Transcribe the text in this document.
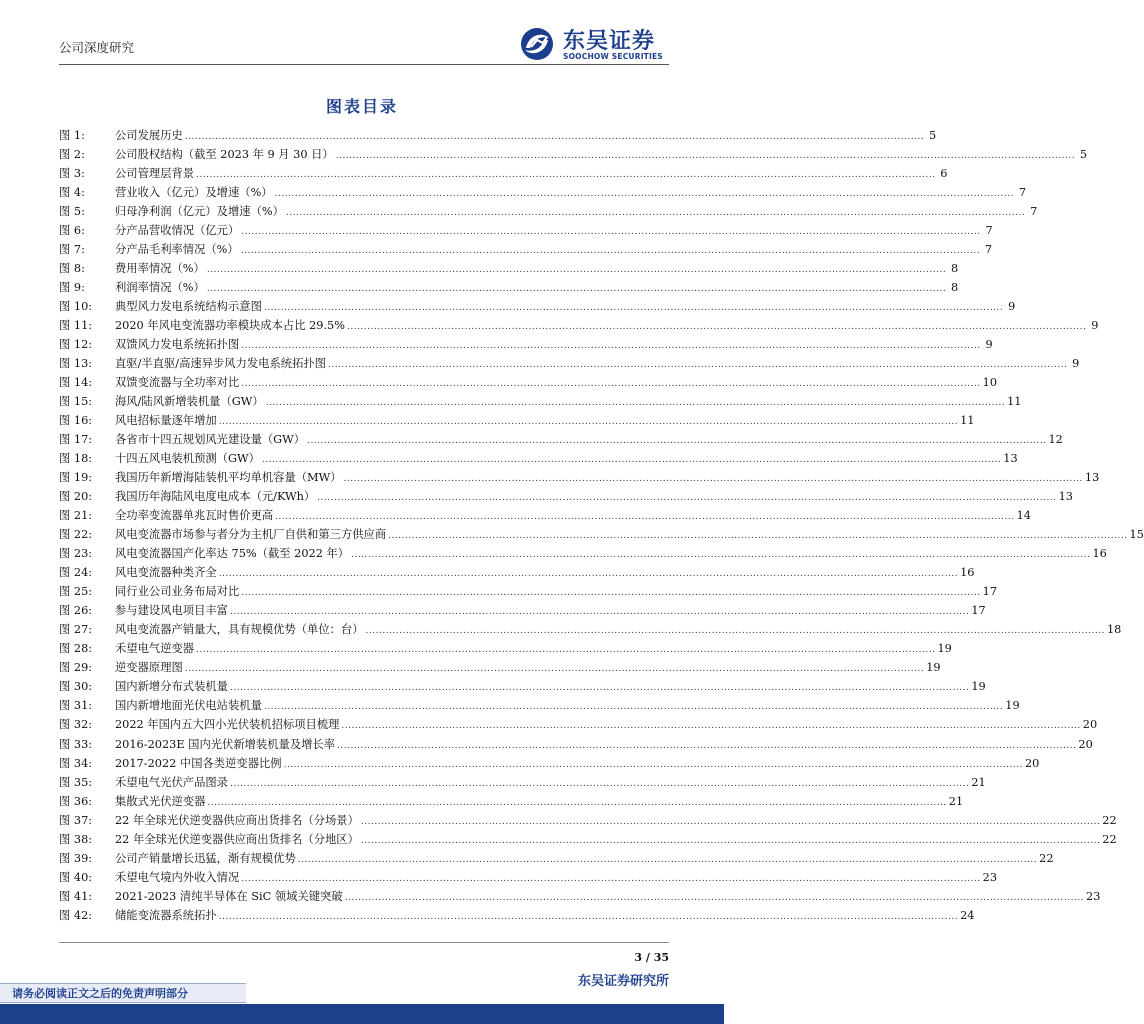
公司深度研究	东吴证券
SOOCHOW SECURITIES
图表目录
图 1:	公司发展历史 ............................................................................................................................................................................................................................ 5
图 2:	公司股权结构（截至 2023 年 9 月 30 日） ............................................................................................................................................................................................................................ 5
图 3:	公司管理层背景 ............................................................................................................................................................................................................................ 6
图 4:	营业收入（亿元）及增速（%） ............................................................................................................................................................................................................................ 7
图 5:	归母净利润（亿元）及增速（%） ............................................................................................................................................................................................................................ 7
图 6:	分产品营收情况（亿元） ............................................................................................................................................................................................................................ 7
图 7:	分产品毛利率情况（%） ............................................................................................................................................................................................................................ 7
图 8:	费用率情况（%） ............................................................................................................................................................................................................................ 8
图 9:	利润率情况（%） ............................................................................................................................................................................................................................ 8
图 10:	典型风力发电系统结构示意图 ............................................................................................................................................................................................................................ 9
图 11:	2020 年风电变流器功率模块成本占比 29.5% ............................................................................................................................................................................................................................ 9
图 12:	双馈风力发电系统拓扑图 ............................................................................................................................................................................................................................ 9
图 13:	直驱/半直驱/高速异步风力发电系统拓扑图 ............................................................................................................................................................................................................................ 9
图 14:	双馈变流器与全功率对比 ............................................................................................................................................................................................................................ 10
图 15:	海风/陆风新增装机量（GW） ............................................................................................................................................................................................................................ 11
图 16:	风电招标量逐年增加 ............................................................................................................................................................................................................................ 11
图 17:	各省市十四五规划风光建设量（GW） ............................................................................................................................................................................................................................ 12
图 18:	十四五风电装机预测（GW） ............................................................................................................................................................................................................................ 13
图 19:	我国历年新增海陆装机平均单机容量（MW） ............................................................................................................................................................................................................................ 13
图 20:	我国历年海陆风电度电成本（元/KWh） ............................................................................................................................................................................................................................ 13
图 21:	全功率变流器单兆瓦时售价更高 ............................................................................................................................................................................................................................ 14
图 22:	风电变流器市场参与者分为主机厂自供和第三方供应商 ............................................................................................................................................................................................................................ 15
图 23:	风电变流器国产化率达 75%（截至 2022 年） ............................................................................................................................................................................................................................ 16
图 24:	风电变流器种类齐全 ............................................................................................................................................................................................................................ 16
图 25:	同行业公司业务布局对比 ............................................................................................................................................................................................................................ 17
图 26:	参与建设风电项目丰富 ............................................................................................................................................................................................................................ 17
图 27:	风电变流器产销量大，具有规模优势（单位：台） ............................................................................................................................................................................................................................ 18
图 28:	禾望电气逆变器 ............................................................................................................................................................................................................................ 19
图 29:	逆变器原理图 ............................................................................................................................................................................................................................ 19
图 30:	国内新增分布式装机量 ............................................................................................................................................................................................................................ 19
图 31:	国内新增地面光伏电站装机量 ............................................................................................................................................................................................................................ 19
图 32:	2022 年国内五大四小光伏装机招标项目梳理 ............................................................................................................................................................................................................................ 20
图 33:	2016-2023E 国内光伏新增装机量及增长率 ............................................................................................................................................................................................................................ 20
图 34:	2017-2022 中国各类逆变器比例 ............................................................................................................................................................................................................................ 20
图 35:	禾望电气光伏产品图录 ............................................................................................................................................................................................................................ 21
图 36:	集散式光伏逆变器 ............................................................................................................................................................................................................................ 21
图 37:	22 年全球光伏逆变器供应商出货排名（分场景） ............................................................................................................................................................................................................................ 22
图 38:	22 年全球光伏逆变器供应商出货排名（分地区） ............................................................................................................................................................................................................................ 22
图 39:	公司产销量增长迅猛，渐有规模优势 ............................................................................................................................................................................................................................ 22
图 40:	禾望电气境内外收入情况 ............................................................................................................................................................................................................................ 23
图 41:	2021-2023 清纯半导体在 SiC 领域关键突破 ............................................................................................................................................................................................................................ 23
图 42:	储能变流器系统拓扑 ............................................................................................................................................................................................................................ 24
3 / 35
东吴证券研究所
请务必阅读正文之后的免责声明部分
